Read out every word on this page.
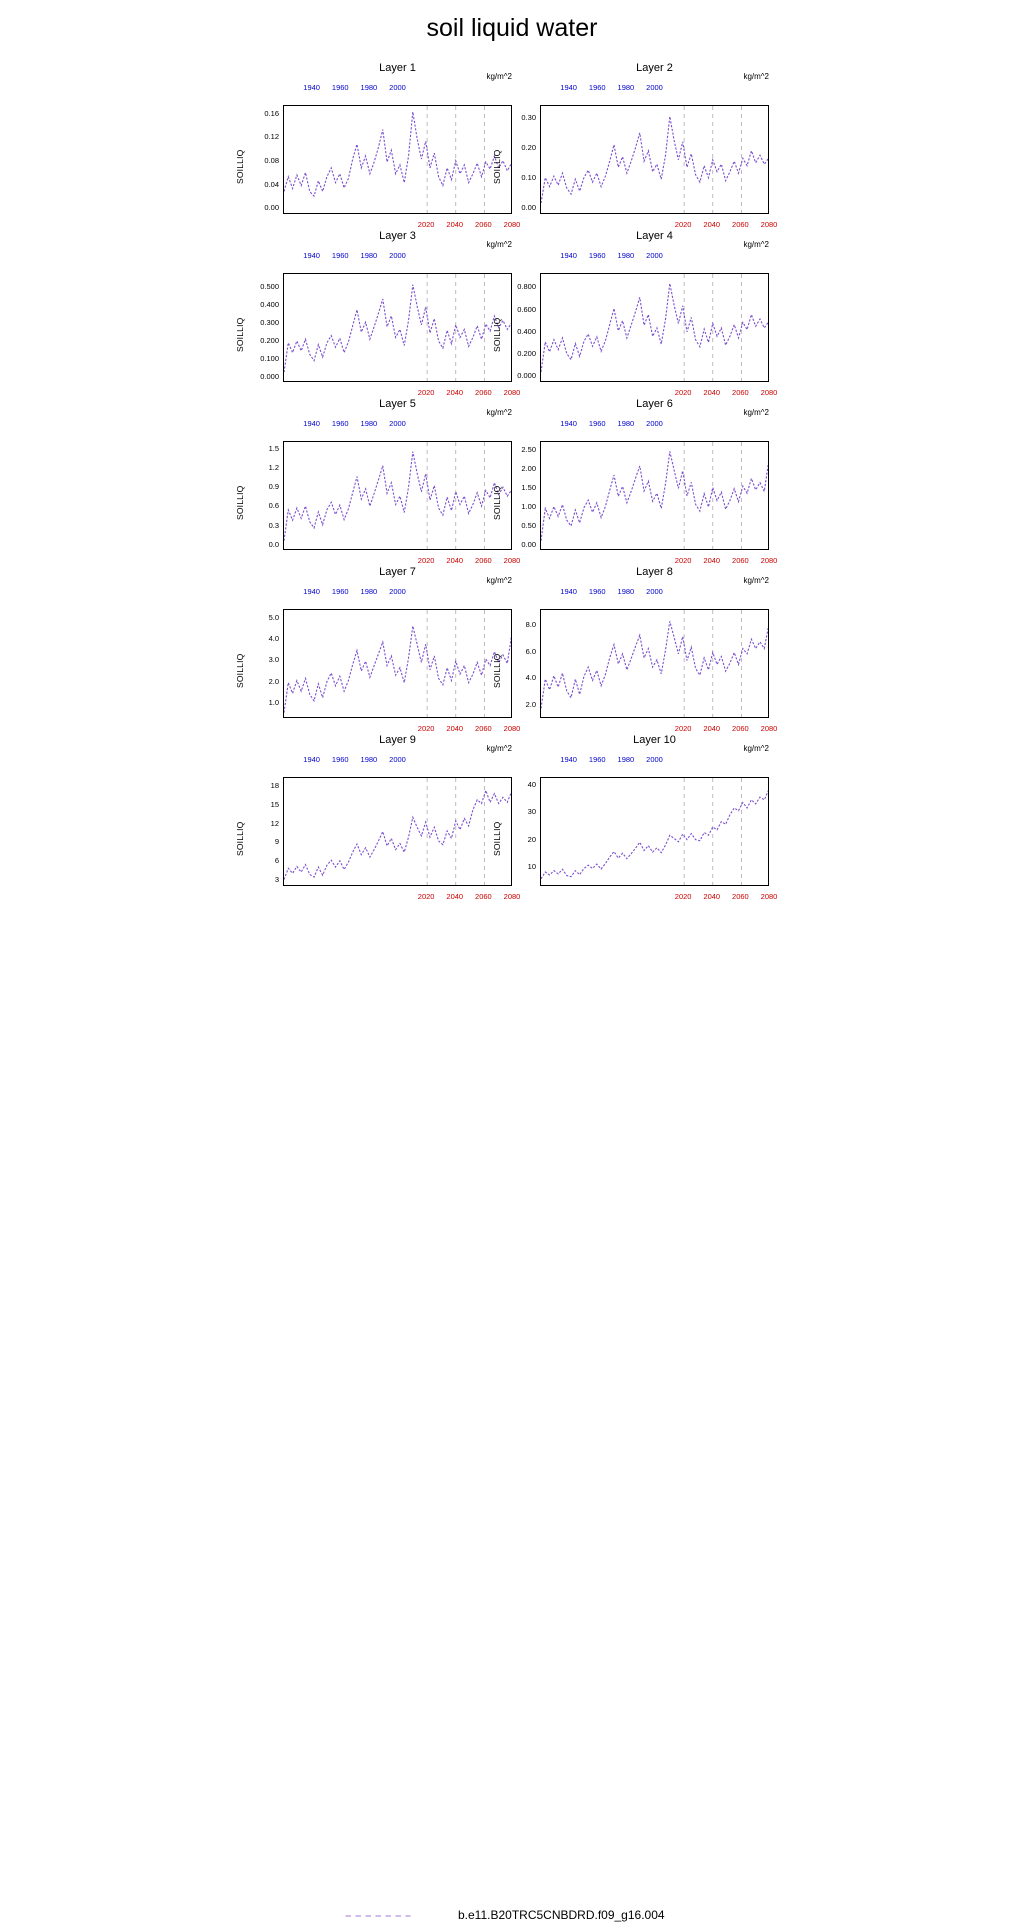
soil liquid water
Layer 1
kg/m^2
1940	1960	1980	2000
2020	2040	2060	2080
SOILLIQ
0.00
0.04
0.08
0.12
0.16
Layer 2
kg/m^2
1940	1960	1980	2000
2020	2040	2060	2080
SOILLIQ
0.00
0.10
0.20
0.30
Layer 3
kg/m^2
1940	1960	1980	2000
2020	2040	2060	2080
SOILLIQ
0.000
0.100
0.200
0.300
0.400
0.500
Layer 4
kg/m^2
1940	1960	1980	2000
2020	2040	2060	2080
SOILLIQ
0.000
0.200
0.400
0.600
0.800
Layer 5
kg/m^2
1940	1960	1980	2000
2020	2040	2060	2080
SOILLIQ
0.0
0.3
0.6
0.9
1.2
1.5
Layer 6
kg/m^2
1940	1960	1980	2000
2020	2040	2060	2080
SOILLIQ
0.00
0.50
1.00
1.50
2.00
2.50
Layer 7
kg/m^2
1940	1960	1980	2000
2020	2040	2060	2080
SOILLIQ
1.0
2.0
3.0
4.0
5.0
Layer 8
kg/m^2
1940	1960	1980	2000
2020	2040	2060	2080
SOILLIQ
2.0
4.0
6.0
8.0
Layer 9
kg/m^2
1940	1960	1980	2000
2020	2040	2060	2080
SOILLIQ
3
6
9
12
15
18
Layer 10
kg/m^2
1940	1960	1980	2000
2020	2040	2060	2080
SOILLIQ
10
20
30
40
b.e11.B20TRC5CNBDRD.f09_g16.004
